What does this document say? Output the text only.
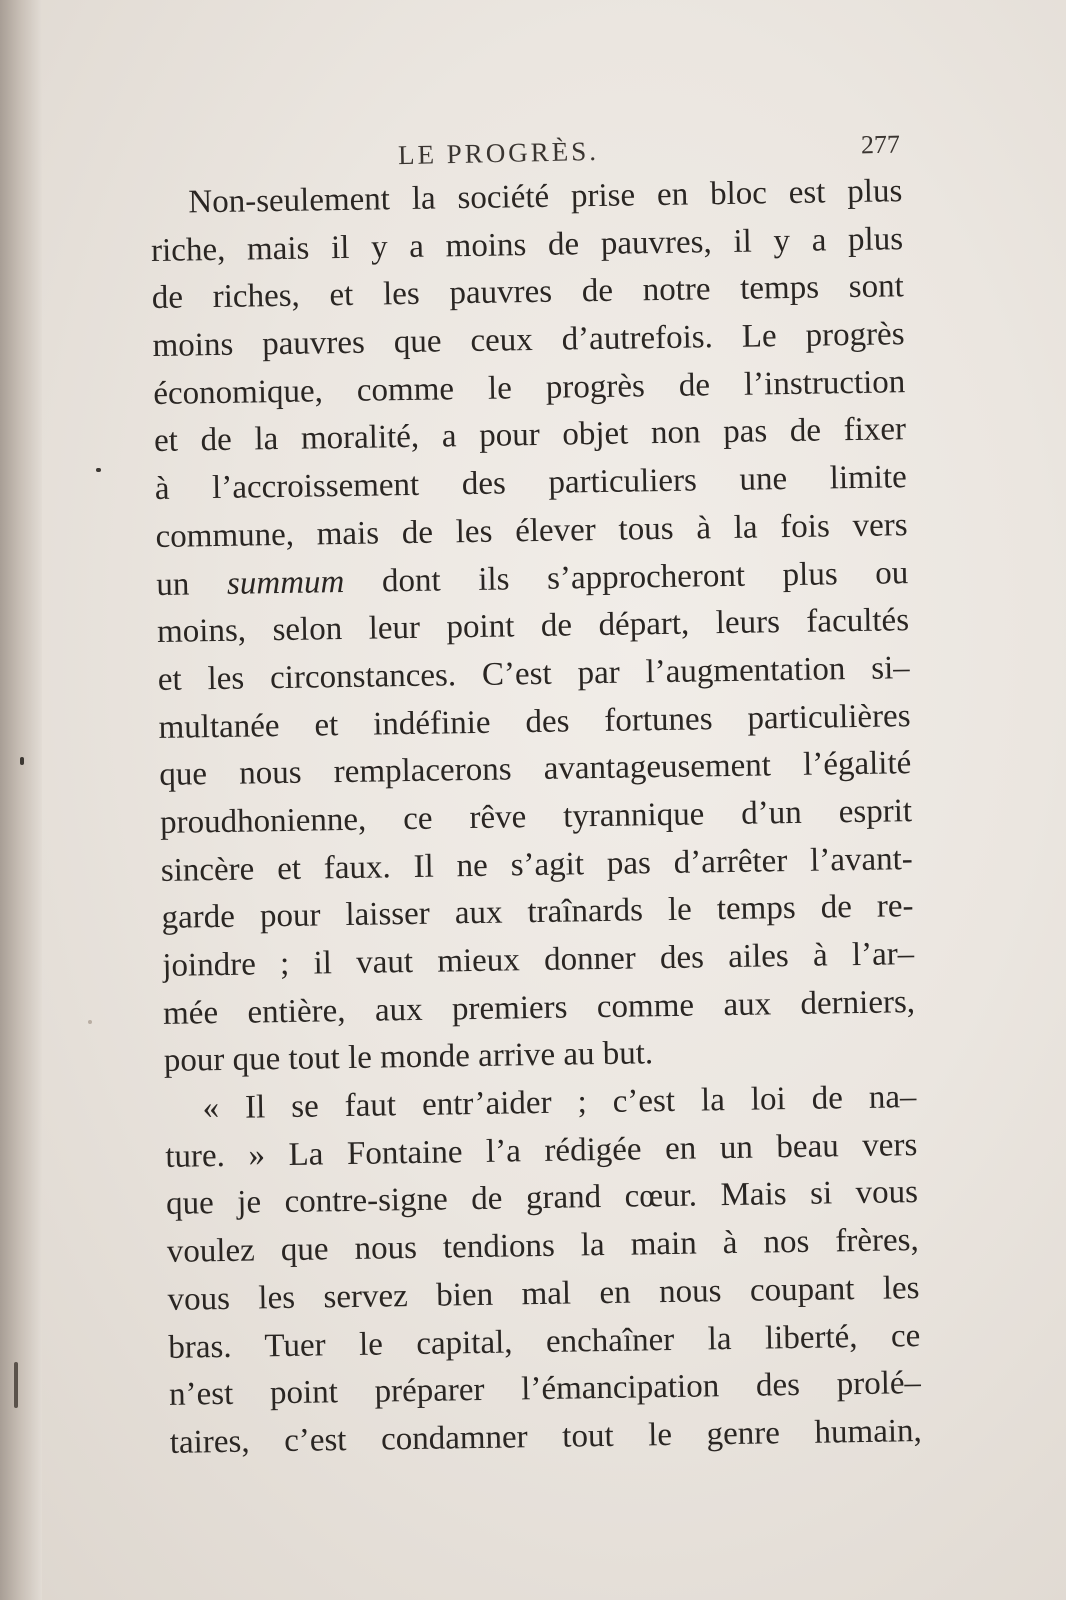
LE PROGRÈS.	277
Non-seulement la société prise en bloc est plus
riche, mais il y a moins de pauvres, il y a plus
de riches, et les pauvres de notre temps sont
moins pauvres que ceux d’autrefois. Le progrès
économique, comme le progrès de l’instruction
et de la moralité, a pour objet non pas de fixer
à l’accroissement des particuliers une limite
commune, mais de les élever tous à la fois vers
un summum dont ils s’approcheront plus ou
moins, selon leur point de départ, leurs facultés
et les circonstances. C’est par l’augmentation si–
multanée et indéfinie des fortunes particulières
que nous remplacerons avantageusement l’égalité
proudhonienne, ce rêve tyrannique d’un esprit
sincère et faux. Il ne s’agit pas d’arrêter l’avant-
garde pour laisser aux traînards le temps de re-
joindre ; il vaut mieux donner des ailes à l’ar–
mée entière, aux premiers comme aux derniers,
pour que tout le monde arrive au but.
« Il se faut entr’aider ; c’est la loi de na–
ture. » La Fontaine l’a rédigée en un beau vers
que je contre-signe de grand cœur. Mais si vous
voulez que nous tendions la main à nos frères,
vous les servez bien mal en nous coupant les
bras. Tuer le capital, enchaîner la liberté, ce
n’est point préparer l’émancipation des prolé–
taires, c’est condamner tout le genre humain,
